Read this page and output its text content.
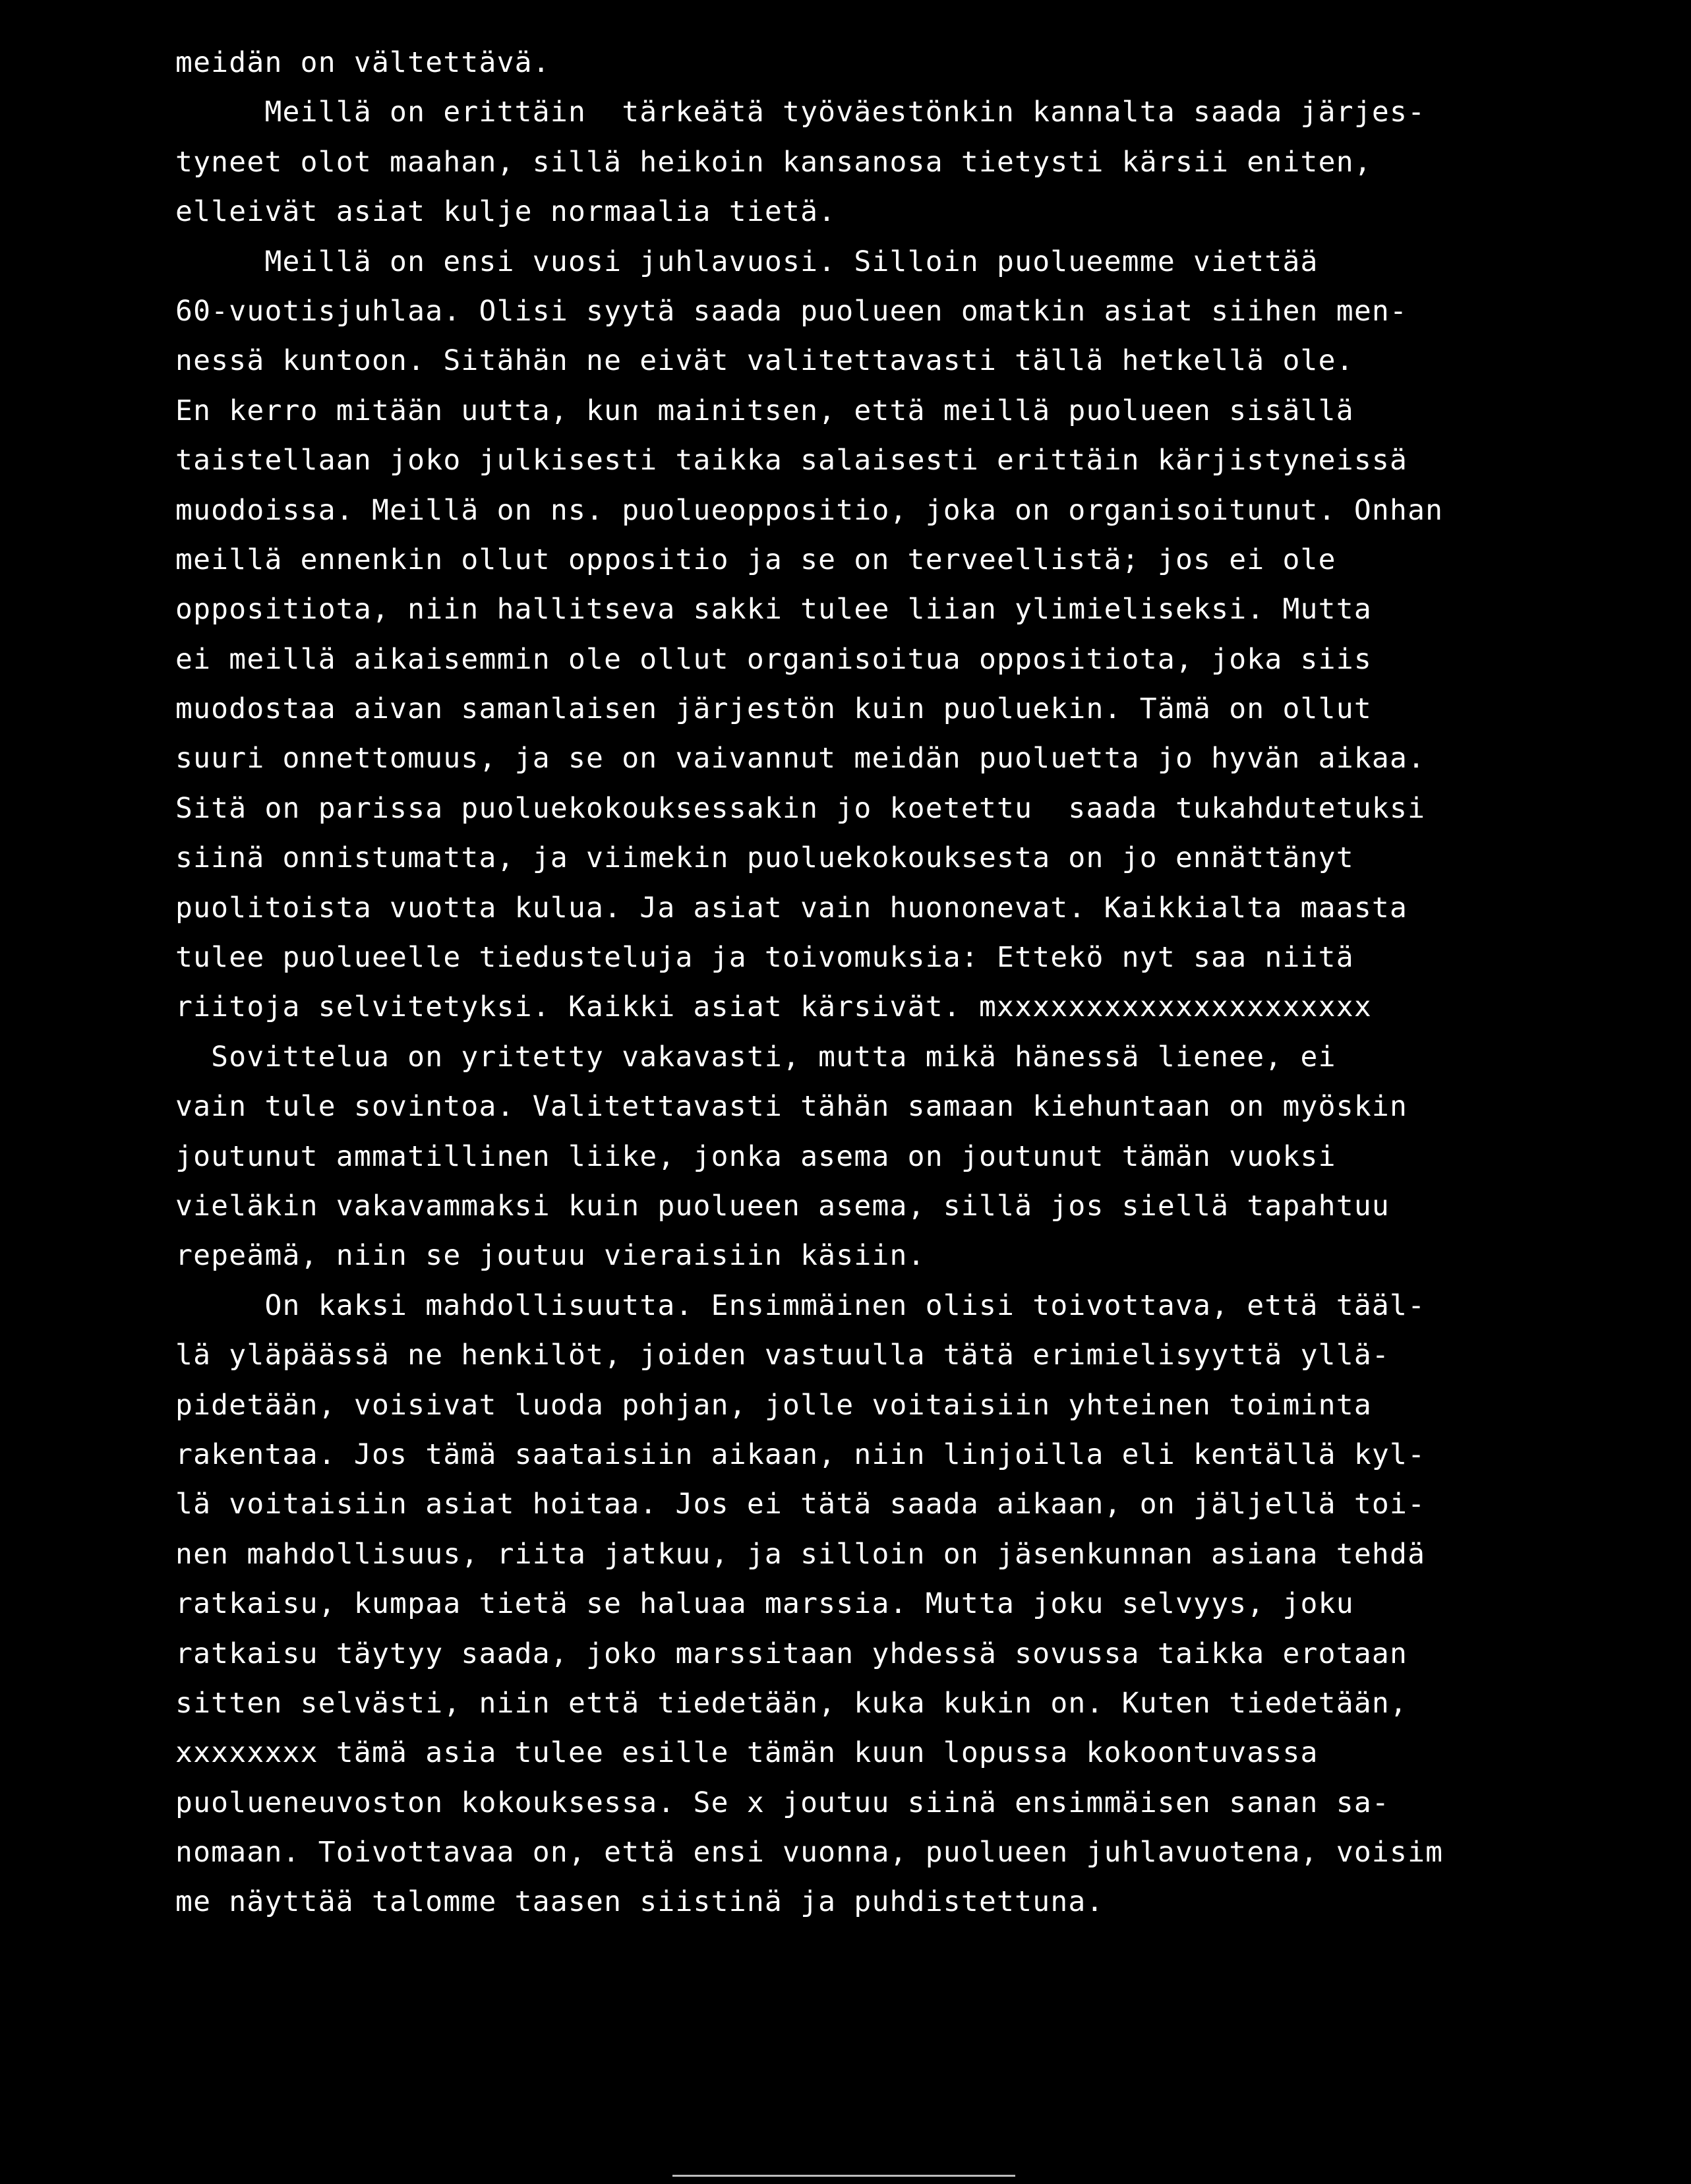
meidän on vältettävä.
Meillä on erittäin  tärkeätä työväestönkin kannalta saada järjes-
tyneet olot maahan, sillä heikoin kansanosa tietysti kärsii eniten,
elleivät asiat kulje normaalia tietä.
Meillä on ensi vuosi juhlavuosi. Silloin puolueemme viettää
60-vuotisjuhlaa. Olisi syytä saada puolueen omatkin asiat siihen men-
nessä kuntoon. Sitähän ne eivät valitettavasti tällä hetkellä ole.
En kerro mitään uutta, kun mainitsen, että meillä puolueen sisällä
taistellaan joko julkisesti taikka salaisesti erittäin kärjistyneissä
muodoissa. Meillä on ns. puolueoppositio, joka on organisoitunut. Onhan
meillä ennenkin ollut oppositio ja se on terveellistä; jos ei ole
oppositiota, niin hallitseva sakki tulee liian ylimieliseksi. Mutta
ei meillä aikaisemmin ole ollut organisoitua oppositiota, joka siis
muodostaa aivan samanlaisen järjestön kuin puoluekin. Tämä on ollut
suuri onnettomuus, ja se on vaivannut meidän puoluetta jo hyvän aikaa.
Sitä on parissa puoluekokouksessakin jo koetettu  saada tukahdutetuksi
siinä onnistumatta, ja viimekin puoluekokouksesta on jo ennättänyt
puolitoista vuotta kulua. Ja asiat vain huononevat. Kaikkialta maasta
tulee puolueelle tiedusteluja ja toivomuksia: Ettekö nyt saa niitä
riitoja selvitetyksi. Kaikki asiat kärsivät. mxxxxxxxxxxxxxxxxxxxxx
Sovittelua on yritetty vakavasti, mutta mikä hänessä lienee, ei
vain tule sovintoa. Valitettavasti tähän samaan kiehuntaan on myöskin
joutunut ammatillinen liike, jonka asema on joutunut tämän vuoksi
vieläkin vakavammaksi kuin puolueen asema, sillä jos siellä tapahtuu
repeämä, niin se joutuu vieraisiin käsiin.
On kaksi mahdollisuutta. Ensimmäinen olisi toivottava, että tääl-
lä yläpäässä ne henkilöt, joiden vastuulla tätä erimielisyyttä yllä-
pidetään, voisivat luoda pohjan, jolle voitaisiin yhteinen toiminta
rakentaa. Jos tämä saataisiin aikaan, niin linjoilla eli kentällä kyl-
lä voitaisiin asiat hoitaa. Jos ei tätä saada aikaan, on jäljellä toi-
nen mahdollisuus, riita jatkuu, ja silloin on jäsenkunnan asiana tehdä
ratkaisu, kumpaa tietä se haluaa marssia. Mutta joku selvyys, joku
ratkaisu täytyy saada, joko marssitaan yhdessä sovussa taikka erotaan
sitten selvästi, niin että tiedetään, kuka kukin on. Kuten tiedetään,
xxxxxxxx tämä asia tulee esille tämän kuun lopussa kokoontuvassa
puolueneuvoston kokouksessa. Se x joutuu siinä ensimmäisen sanan sa-
nomaan. Toivottavaa on, että ensi vuonna, puolueen juhlavuotena, voisim
me näyttää talomme taasen siistinä ja puhdistettuna.
